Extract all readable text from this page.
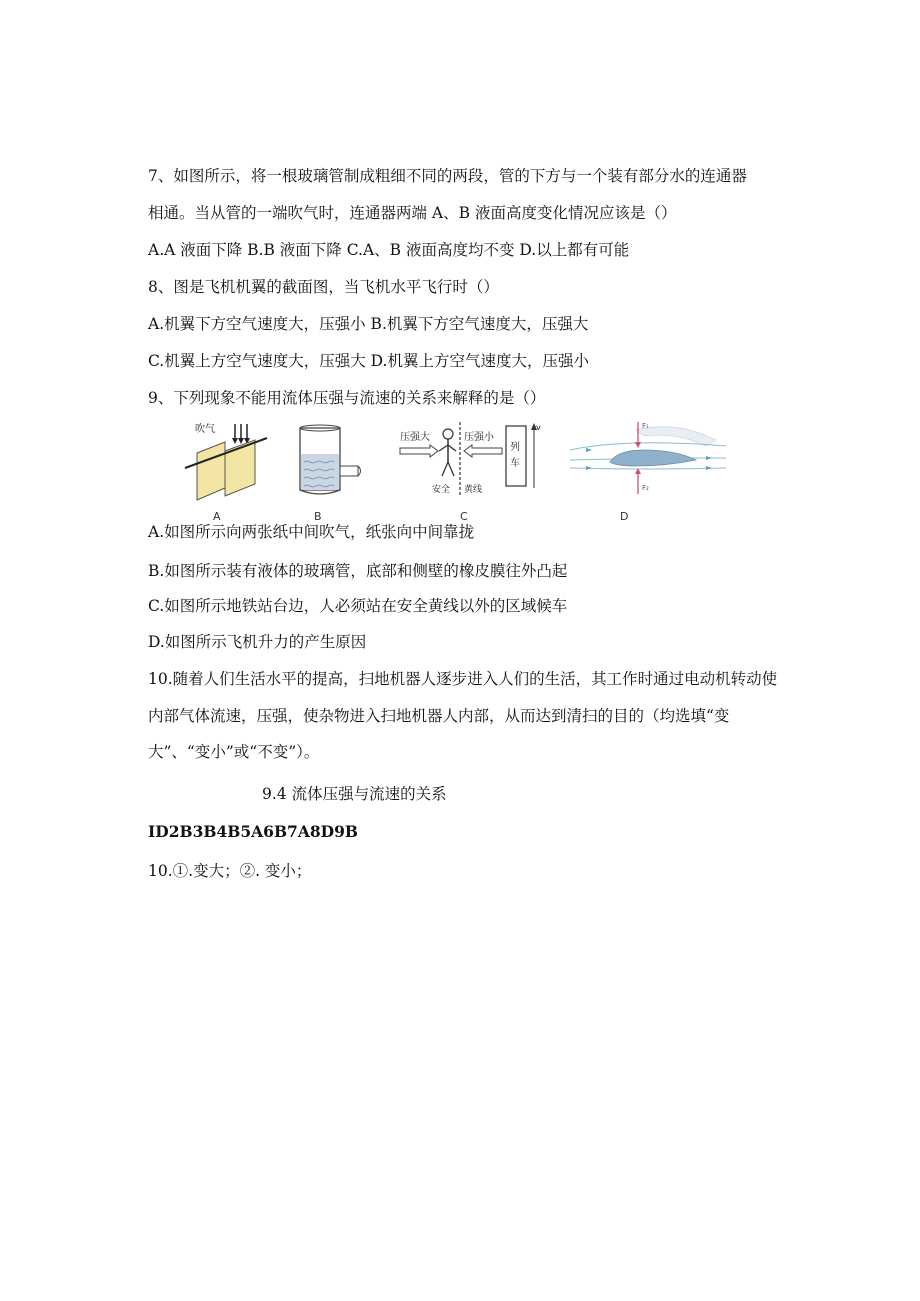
7、如图所示，将一根玻璃管制成粗细不同的两段，管的下方与一个装有部分水的连通器
相通。当从管的一端吹气时，连通器两端 A、B 液面高度变化情况应该是（）
A.A 液面下降 B.B 液面下降 C.A、B 液面高度均不变 D.以上都有可能
8、图是飞机机翼的截面图，当飞机水平飞行时（）
A.机翼下方空气速度大，压强小 B.机翼下方空气速度大，压强大
C.机翼上方空气速度大，压强大 D.机翼上方空气速度大，压强小
9、下列现象不能用流体压强与流速的关系来解释的是（）
吹气
A	B
压强大	压强小
列
车
v
安全 黄线
C
F₁
F₂
D
A.如图所示向两张纸中间吹气，纸张向中间靠拢
B.如图所示装有液体的玻璃管，底部和侧壁的橡皮膜往外凸起
C.如图所示地铁站台边，人必须站在安全黄线以外的区域候车
D.如图所示飞机升力的产生原因
10.随着人们生活水平的提高，扫地机器人逐步进入人们的生活，其工作时通过电动机转动使
内部气体流速，压强，使杂物进入扫地机器人内部，从而达到清扫的目的（均选填“变
大”、“变小”或“不变”）。
9.4 流体压强与流速的关系
ID2B3B4B5A6B7A8D9B
10.①.变大；②. 变小；
